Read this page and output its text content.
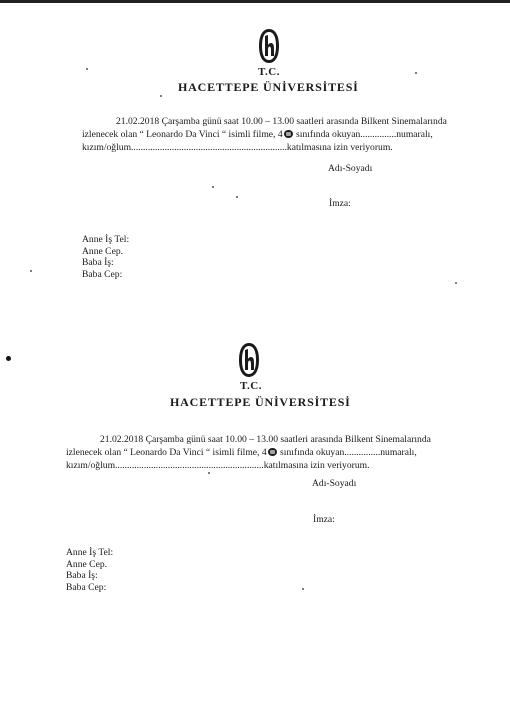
T.C.
HACETTEPE ÜNİVERSİTESİ
21.02.2018 Çarşamba günü saat 10.00 – 13.00 saatleri arasında Bilkent Sinemalarında
izlenecek olan “ Leonardo Da Vinci “ isimli filme, 4 sınıfında okuyan...............numaralı,
kızım/oğlum.................................................................katılmasına izin veriyorum.
Adı-Soyadı
İmza:
Anne İş Tel:
Anne Cep.
Baba İş:
Baba Cep:
T.C.
HACETTEPE ÜNİVERSİTESİ
21.02.2018 Çarşamba günü saat 10.00 – 13.00 saatleri arasında Bilkent Sinemalarında
izlenecek olan “ Leonardo Da Vinci “ isimli filme, 4 sınıfında okuyan...............numaralı,
kızım/oğlum..............................................................katılmasına izin veriyorum.
Adı-Soyadı
İmza:
Anne İş Tel:
Anne Cep.
Baba İş:
Baba Cep:
